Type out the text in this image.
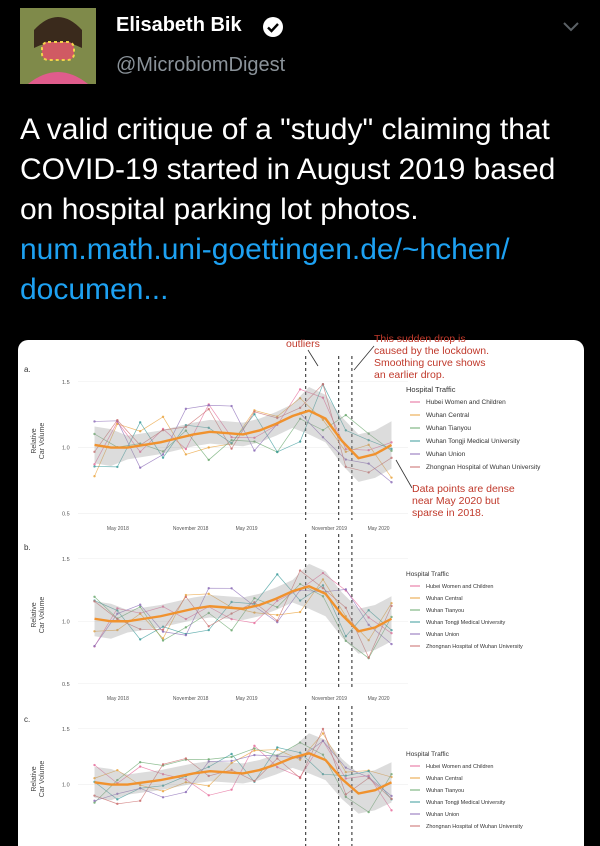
Elisabeth Bik
@MicrobiomDigest
A valid critique of a "study" claiming that COVID-19 started in August 2019 based on hospital parking lot photos.
num.math.uni-goettingen.de/~hchen/
documen...
a.
RelativeCar Volume
1.5
1.0
0.5
May 2018	November 2018	May 2019	November 2019	May 2020
Hospital Traffic
Hubei Women and Children
Wuhan Central
Wuhan Tianyou
Wuhan Tongji Medical University
Wuhan Union
Zhongnan Hospital of Wuhan University
b.
RelativeCar Volume
1.5
1.0
0.5
May 2018	November 2018	May 2019	November 2019	May 2020
Hospital Traffic
Hubei Women and Children
Wuhan Central
Wuhan Tianyou
Wuhan Tongji Medical University
Wuhan Union
Zhongnan Hospital of Wuhan University
c.
RelativeCar Volume
1.5
1.0
Hospital Traffic
Hubei Women and Children
Wuhan Central
Wuhan Tianyou
Wuhan Tongji Medical University
Wuhan Union
Zhongnan Hospital of Wuhan University
outliers	This sudden drop is
caused by the lockdown.
Smoothing curve shows
an earlier drop.
Data points are dense
near May 2020 but
sparse in 2018.
